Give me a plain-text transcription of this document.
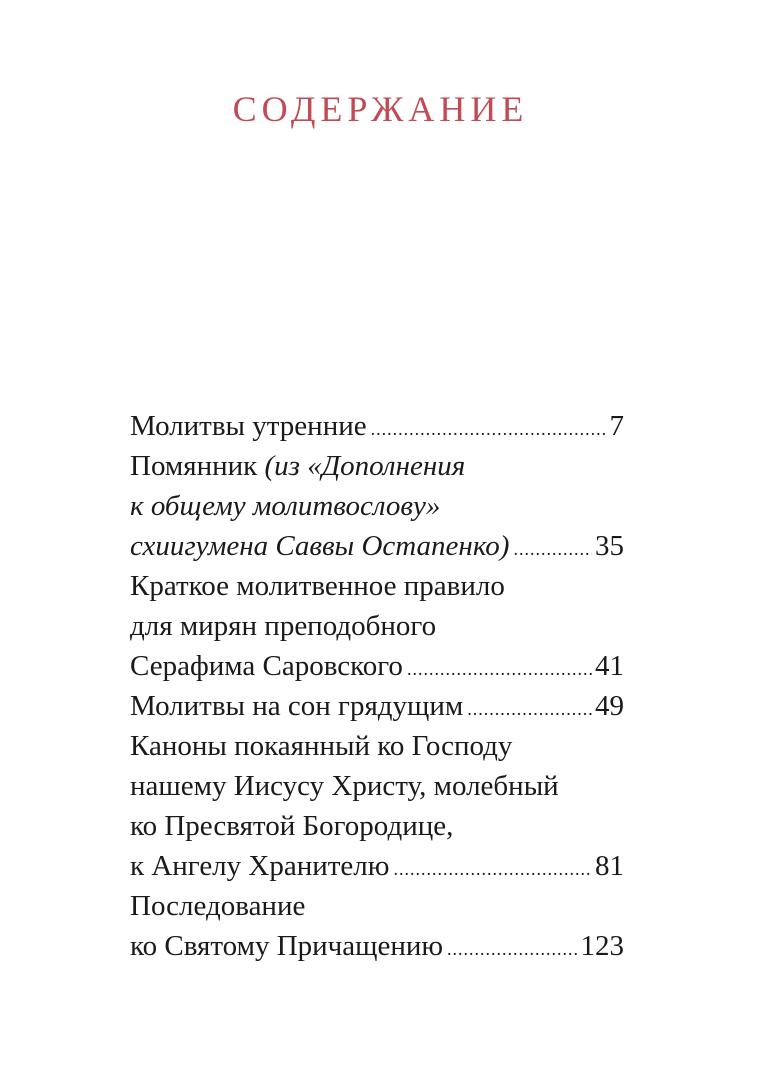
СОДЕРЖАНИЕ
Молитвы утренние .....	7
Помянник (из «Дополнения
к общему молитвослову»
схиигумена Саввы Остапенко) .....	35
Краткое молитвенное правило
для мирян преподобного
Серафима Саровского .....	41
Молитвы на сон грядущим .....	49
Каноны покаянный ко Господу
нашему Иисусу Христу, молебный
ко Пресвятой Богородице,
к Ангелу Хранителю .....	81
Последование
ко Святому Причащению .....	123
